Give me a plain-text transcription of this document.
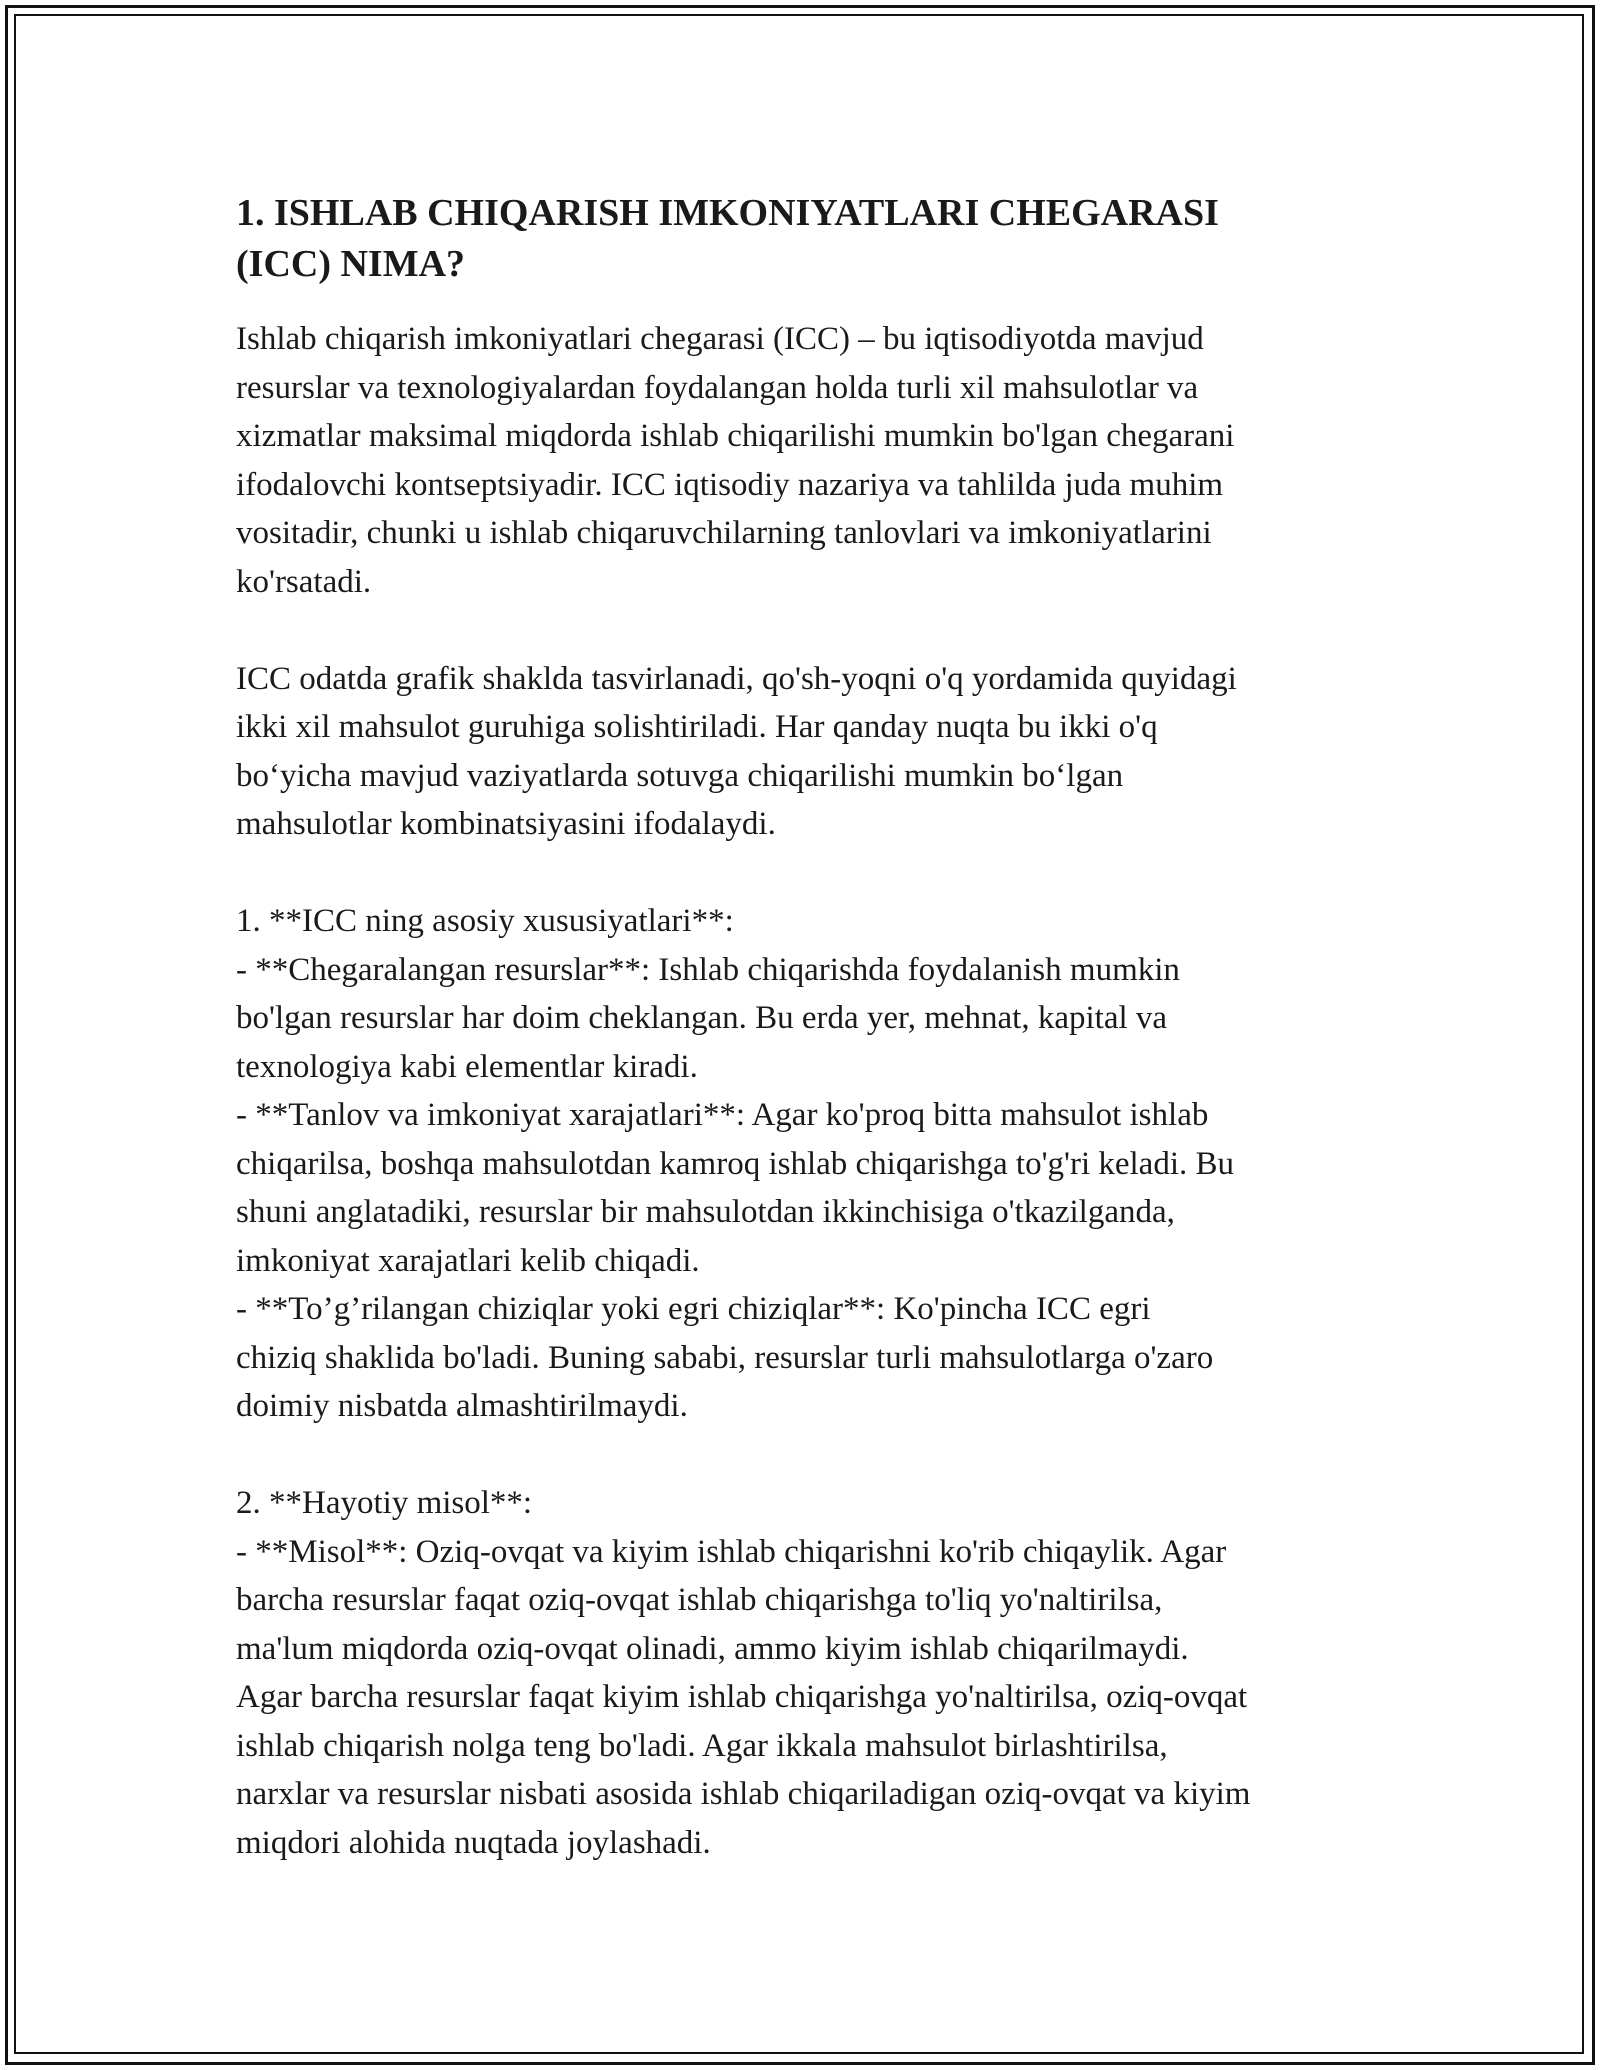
1. ISHLAB CHIQARISH IMKONIYATLARI CHEGARASI
(ICC) NIMA?

Ishlab chiqarish imkoniyatlari chegarasi (ICC) – bu iqtisodiyotda mavjud
resurslar va texnologiyalardan foydalangan holda turli xil mahsulotlar va
xizmatlar maksimal miqdorda ishlab chiqarilishi mumkin bo'lgan chegarani
ifodalovchi kontseptsiyadir. ICC iqtisodiy nazariya va tahlilda juda muhim
vositadir, chunki u ishlab chiqaruvchilarning tanlovlari va imkoniyatlarini
ko'rsatadi.

ICC odatda grafik shaklda tasvirlanadi, qo'sh-yoqni o'q yordamida quyidagi
ikki xil mahsulot guruhiga solishtiriladi. Har qanday nuqta bu ikki o'q
bo‘yicha mavjud vaziyatlarda sotuvga chiqarilishi mumkin bo‘lgan
mahsulotlar kombinatsiyasini ifodalaydi.

1. **ICC ning asosiy xususiyatlari**:
- **Chegaralangan resurslar**: Ishlab chiqarishda foydalanish mumkin
bo'lgan resurslar har doim cheklangan. Bu erda yer, mehnat, kapital va
texnologiya kabi elementlar kiradi.
- **Tanlov va imkoniyat xarajatlari**: Agar ko'proq bitta mahsulot ishlab
chiqarilsa, boshqa mahsulotdan kamroq ishlab chiqarishga to'g'ri keladi. Bu
shuni anglatadiki, resurslar bir mahsulotdan ikkinchisiga o'tkazilganda,
imkoniyat xarajatlari kelib chiqadi.
- **To’g’rilangan chiziqlar yoki egri chiziqlar**: Ko'pincha ICC egri
chiziq shaklida bo'ladi. Buning sababi, resurslar turli mahsulotlarga o'zaro
doimiy nisbatda almashtirilmaydi.

2. **Hayotiy misol**:
- **Misol**: Oziq-ovqat va kiyim ishlab chiqarishni ko'rib chiqaylik. Agar
barcha resurslar faqat oziq-ovqat ishlab chiqarishga to'liq yo'naltirilsa,
ma'lum miqdorda oziq-ovqat olinadi, ammo kiyim ishlab chiqarilmaydi.
Agar barcha resurslar faqat kiyim ishlab chiqarishga yo'naltirilsa, oziq-ovqat
ishlab chiqarish nolga teng bo'ladi. Agar ikkala mahsulot birlashtirilsa,
narxlar va resurslar nisbati asosida ishlab chiqariladigan oziq-ovqat va kiyim
miqdori alohida nuqtada joylashadi.
